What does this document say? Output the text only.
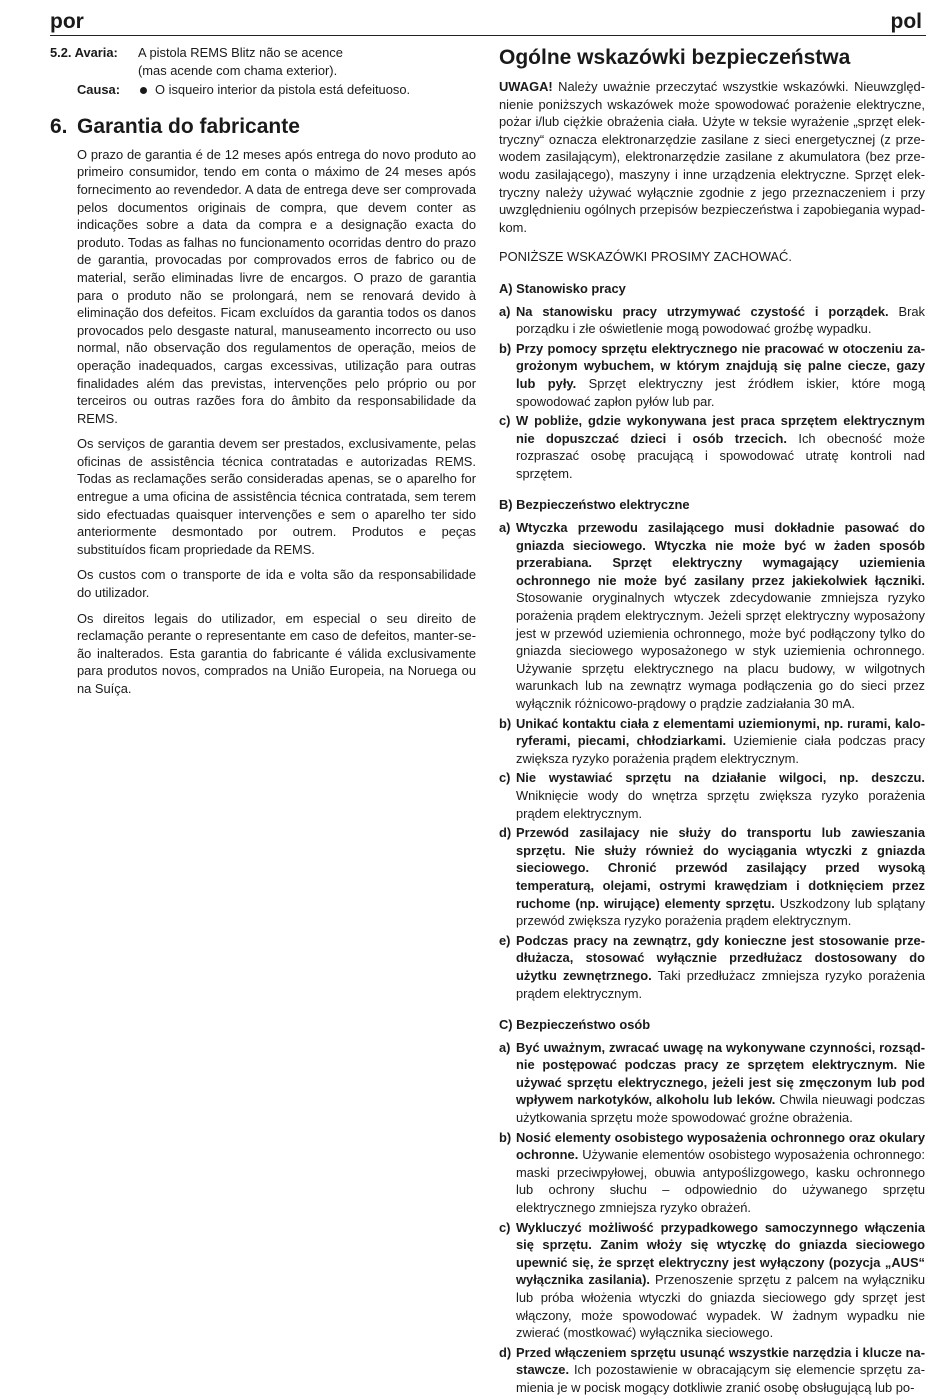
por	pol
5.2. Avaria:	A pistola REMS Blitz não se acence
(mas acende com chama exterior).
Causa:	O isqueiro interior da pistola está defeituoso.
6. Garantia do fabricante

O prazo de garantia é de 12 meses após entrega do novo produto ao primeiro consumidor, tendo em conta o máximo de 24 meses após fornecimento ao revendedor. A data de entrega deve ser comprovada pelos documentos originais de compra, que devem conter as indicações sobre a data da compra e a designação exacta do produto. Todas as falhas no funcionamento ocorridas dentro do prazo de garantia, provocadas por comprovados erros de fabrico ou de material, serão eliminadas livre de encargos. O prazo de garantia para o produto não se prolongará, nem se renovará devido à eliminação dos defeitos. Ficam excluídos da garantia todos os danos provocados pelo desgaste natural, manuseamento incorrecto ou uso normal, não observação dos regulamentos de operação, meios de operação inadequados, cargas excessivas, utilização para outras finalidades além das previstas, intervenções pelo próprio ou por terceiros ou outras razões fora do âmbito da responsabilidade da REMS.

Os serviços de garantia devem ser prestados, exclusivamente, pelas oficinas de assistência técnica contratadas e autorizadas REMS. Todas as reclamações serão consideradas apenas, se o aparelho for entregue a uma oficina de assistência técnica contratada, sem terem sido efectuadas quaisquer intervenções e sem o aparelho ter sido anteriormente desmontado por outrem. Produtos e peças substituídos ficam propriedade da REMS.

Os custos com o transporte de ida e volta são da responsabilidade do utilizador.

Os direitos legais do utilizador, em especial o seu direito de reclamação perante o representante em caso de defeitos, manter-se-ão inalterados. Esta garantia do fabricante é válida exclusivamente para produtos novos, comprados na União Europeia, na Noruega ou na Suíça.

Ogólne wskazówki bezpieczeństwa

UWAGA! Należy uważnie przeczytać wszystkie wskazówki. Nieuwzględnienie poniższych wskazówek może spowodować porażenie elektryczne, pożar i/lub ciężkie obrażenia ciała. Użyte w teksie wyrażenie „sprzęt elektryczny“ oznacza elektronarzędzie zasilane z sieci energetycznej (z przewodem zasilającym), elektronarzędzie zasilane z akumulatora (bez przewodu zasilającego), maszyny i inne urządzenia elektryczne. Sprzęt elektryczny należy używać wyłącznie zgodnie z jego przeznaczeniem i przy uwzględnieniu ogólnych przepisów bezpieczeństwa i zapobiegania wypadkom.

PONIŻSZE WSKAZÓWKI PROSIMY ZACHOWAĆ.

A) Stanowisko pracy
a) Na stanowisku pracy utrzymywać czystość i porządek. Brak porządku i złe oświetlenie mogą powodować groźbę wypadku.
b) Przy pomocy sprzętu elektrycznego nie pracować w otoczeniu zagrożonym wybuchem, w którym znajdują się palne ciecze, gazy lub pyły. Sprzęt elektryczny jest źródłem iskier, które mogą spowodować zapłon pyłów lub par.
c) W pobliże, gdzie wykonywana jest praca sprzętem elektrycznym nie dopuszczać dzieci i osób trzecich. Ich obecność może rozpraszać osobę pracującą i spowodować utratę kontroli nad sprzętem.
B) Bezpieczeństwo elektryczne
a) Wtyczka przewodu zasilającego musi dokładnie pasować do gniazda sieciowego. Wtyczka nie może być w żaden sposób przerabiana. Sprzęt elektryczny wymagający uziemienia ochronnego nie może być zasilany przez jakiekolwiek łączniki. Stosowanie oryginalnych wtyczek zdecydowanie zmniejsza ryzyko porażenia prądem elektrycznym. Jeżeli sprzęt elektryczny wyposażony jest w przewód uziemienia ochronnego, może być podłączony tylko do gniazda sieciowego wyposażonego w styk uziemienia ochronnego. Używanie sprzętu elektrycznego na placu budowy, w wilgotnych warunkach lub na zewnątrz wymaga podłączenia go do sieci przez wyłącznik różnicowo-prądowy o prądzie zadziałania 30 mA.
b) Unikać kontaktu ciała z elementami uziemionymi, np. rurami, kaloryferami, piecami, chłodziarkami. Uziemienie ciała podczas pracy zwiększa ryzyko porażenia prądem elektrycznym.
c) Nie wystawiać sprzętu na działanie wilgoci, np. deszczu. Wniknięcie wody do wnętrza sprzętu zwiększa ryzyko porażenia prądem elektrycznym.
d) Przewód zasilajacy nie służy do transportu lub zawieszania sprzętu. Nie służy również do wyciągania wtyczki z gniazda sieciowego. Chronić przewód zasilający przed wysoką temperaturą, olejami, ostrymi krawędziam i dotknięciem przez ruchome (np. wirujące) elementy sprzętu. Uszkodzony lub splątany przewód zwiększa ryzyko porażenia prądem elektrycznym.
e) Podczas pracy na zewnątrz, gdy konieczne jest stosowanie przedłużacza, stosować wyłącznie przedłużacz dostosowany do użytku zewnętrznego. Taki przedłużacz zmniejsza ryzyko porażenia prądem elektrycznym.
C) Bezpieczeństwo osób
a) Być uważnym, zwracać uwagę na wykonywane czynności, rozsądnie postępować podczas pracy ze sprzętem elektrycznym. Nie używać sprzętu elektrycznego, jeżeli jest się zmęczonym lub pod wpływem narkotyków, alkoholu lub leków. Chwila nieuwagi podczas użytkowania sprzętu może spowodować groźne obrażenia.
b) Nosić elementy osobistego wyposażenia ochronnego oraz okulary ochronne. Używanie elementów osobistego wyposażenia ochronnego: maski przeciwpyłowej, obuwia antypoślizgowego, kasku ochronnego lub ochrony słuchu – odpowiednio do używanego sprzętu elektrycznego zmniejsza ryzyko obrażeń.
c) Wykluczyć możliwość przypadkowego samoczynnego włączenia się sprzętu. Zanim włoży się wtyczkę do gniazda sieciowego upewnić się, że sprzęt elektryczny jest wyłączony (pozycja „AUS“ wyłącznika zasilania). Przenoszenie sprzętu z palcem na wyłączniku lub próba włożenia wtyczki do gniazda sieciowego gdy sprzęt jest włączony, może spowodować wypadek. W żadnym wypadku nie zwierać (mostkować) wyłącznika sieciowego.
d) Przed włączeniem sprzętu usunąć wszystkie narzędzia i klucze nastawcze. Ich pozostawienie w obracającym się elemencie sprzętu zamienia je w pocisk mogący dotkliwie zranić osobę obsługującą lub po-
